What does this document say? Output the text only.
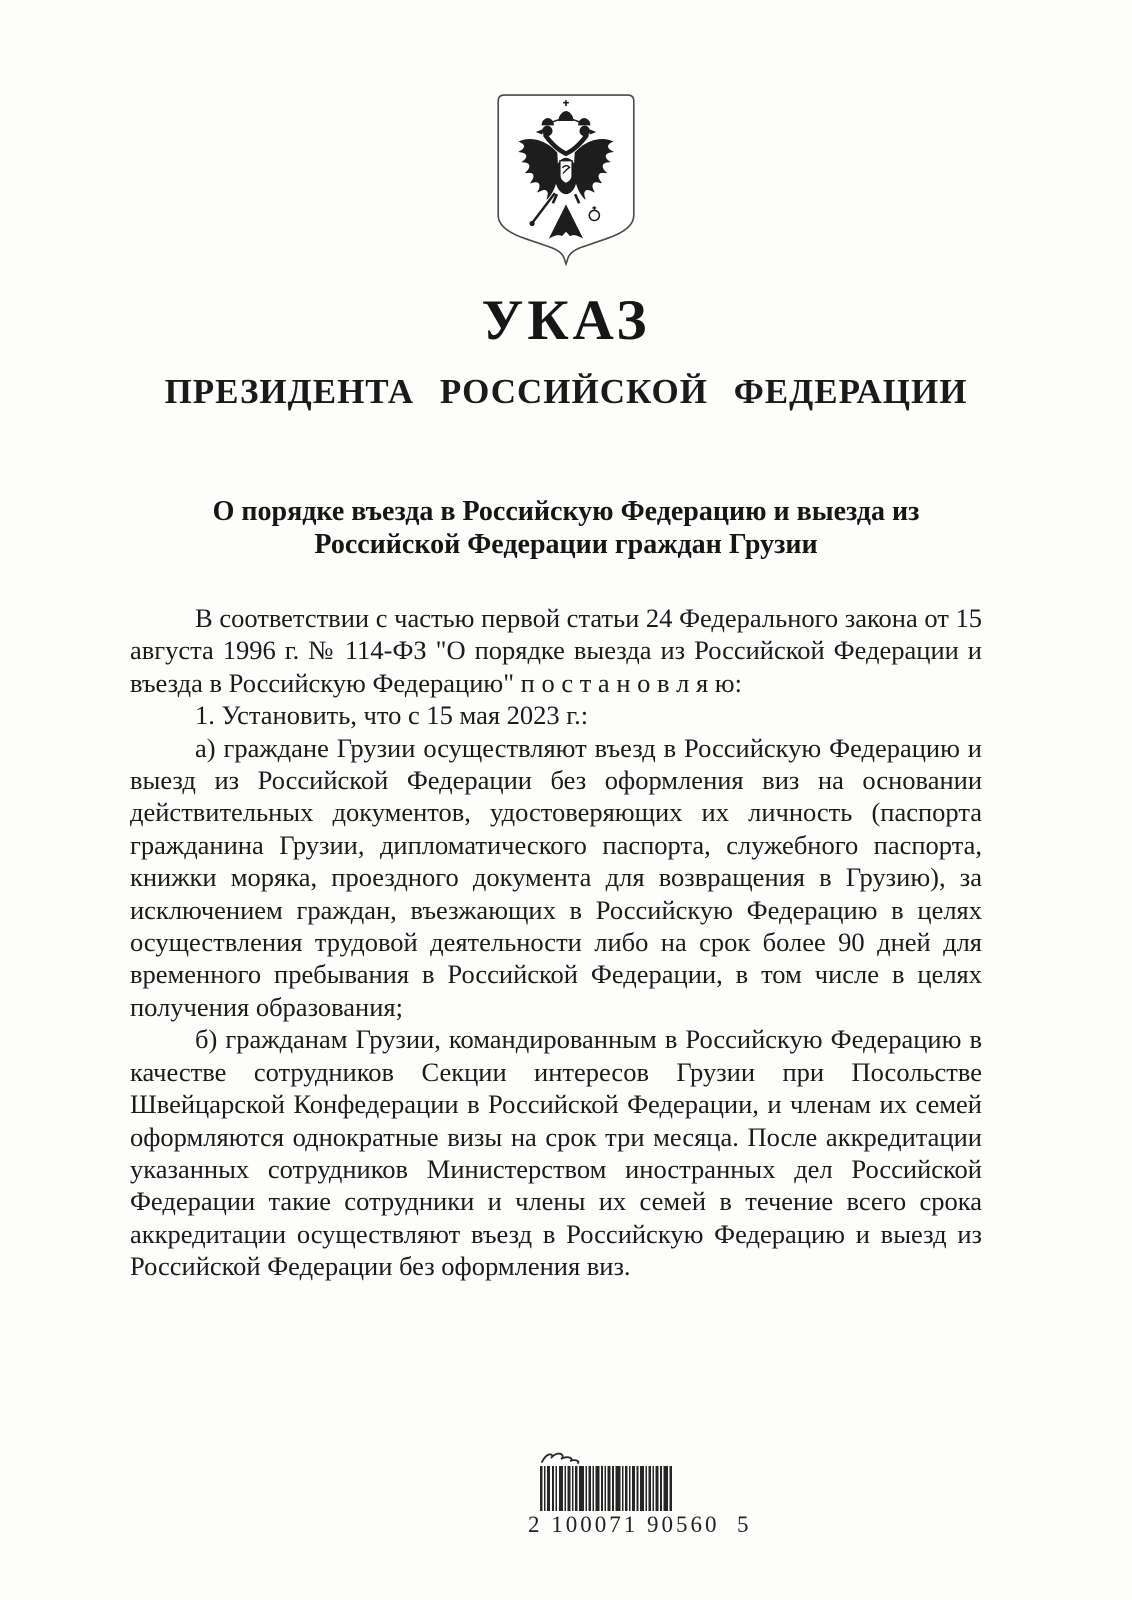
УКАЗ
ПРЕЗИДЕНТА РОССИЙСКОЙ ФЕДЕРАЦИИ
О порядке въезда в Российскую Федерацию и выезда из
Российской Федерации граждан Грузии

В соответствии с частью первой статьи 24 Федерального закона от 15 августа 1996 г. № 114-ФЗ "О порядке выезда из Российской Федерации и въезда в Российскую Федерацию" п о с т а н о в л я ю:

1. Установить, что с 15 мая 2023 г.:

а) граждане Грузии осуществляют въезд в Российскую Федерацию и выезд из Российской Федерации без оформления виз на основании действительных документов, удостоверяющих их личность (паспорта гражданина Грузии, дипломатического паспорта, служебного паспорта, книжки моряка, проездного документа для возвращения в Грузию), за исключением граждан, въезжающих в Российскую Федерацию в целях осуществления трудовой деятельности либо на срок более 90 дней для временного пребывания в Российской Федерации, в том числе в целях получения образования;

б) гражданам Грузии, командированным в Российскую Федерацию в качестве сотрудников Секции интересов Грузии при Посольстве Швейцарской Конфедерации в Российской Федерации, и членам их семей оформляются однократные визы на срок три месяца. После аккредитации указанных сотрудников Министерством иностранных дел Российской Федерации такие сотрудники и члены их семей в течение всего срока аккредитации осуществляют въезд в Российскую Федерацию и выезд из Российской Федерации без оформления виз.

2 100071 90560  5
